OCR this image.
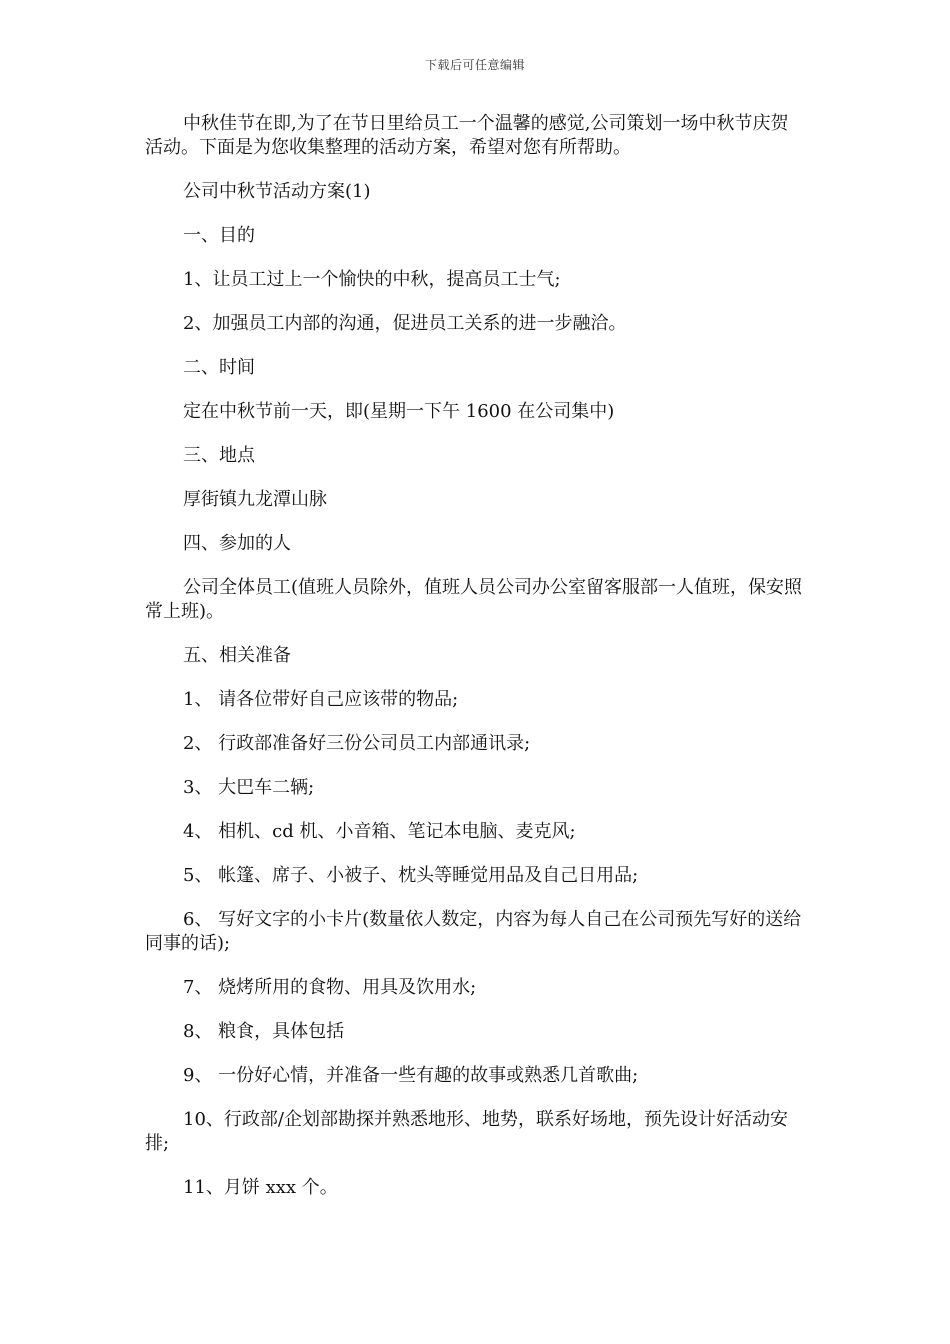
下载后可任意编辑

中秋佳节在即,为了在节日里给员工一个温馨的感觉,公司策划一场中秋节庆贺活动。下面是为您收集整理的活动方案，希望对您有所帮助。

公司中秋节活动方案(1)

一、目的

1、让员工过上一个愉快的中秋，提高员工士气;

2、加强员工内部的沟通，促进员工关系的进一步融洽。

二、时间

定在中秋节前一天，即(星期一下午 1600 在公司集中)

三、地点

厚街镇九龙潭山脉

四、参加的人

公司全体员工(值班人员除外，值班人员公司办公室留客服部一人值班，保安照常上班)。

五、相关准备

1、 请各位带好自己应该带的物品;

2、 行政部准备好三份公司员工内部通讯录;

3、 大巴车二辆;

4、 相机、cd 机、小音箱、笔记本电脑、麦克风;

5、 帐篷、席子、小被子、枕头等睡觉用品及自己日用品;

6、 写好文字的小卡片(数量依人数定，内容为每人自己在公司预先写好的送给同事的话);

7、 烧烤所用的食物、用具及饮用水;

8、 粮食，具体包括

9、 一份好心情，并准备一些有趣的故事或熟悉几首歌曲;

10、行政部/企划部勘探并熟悉地形、地势，联系好场地，预先设计好活动安排;

11、月饼 xxx 个。
